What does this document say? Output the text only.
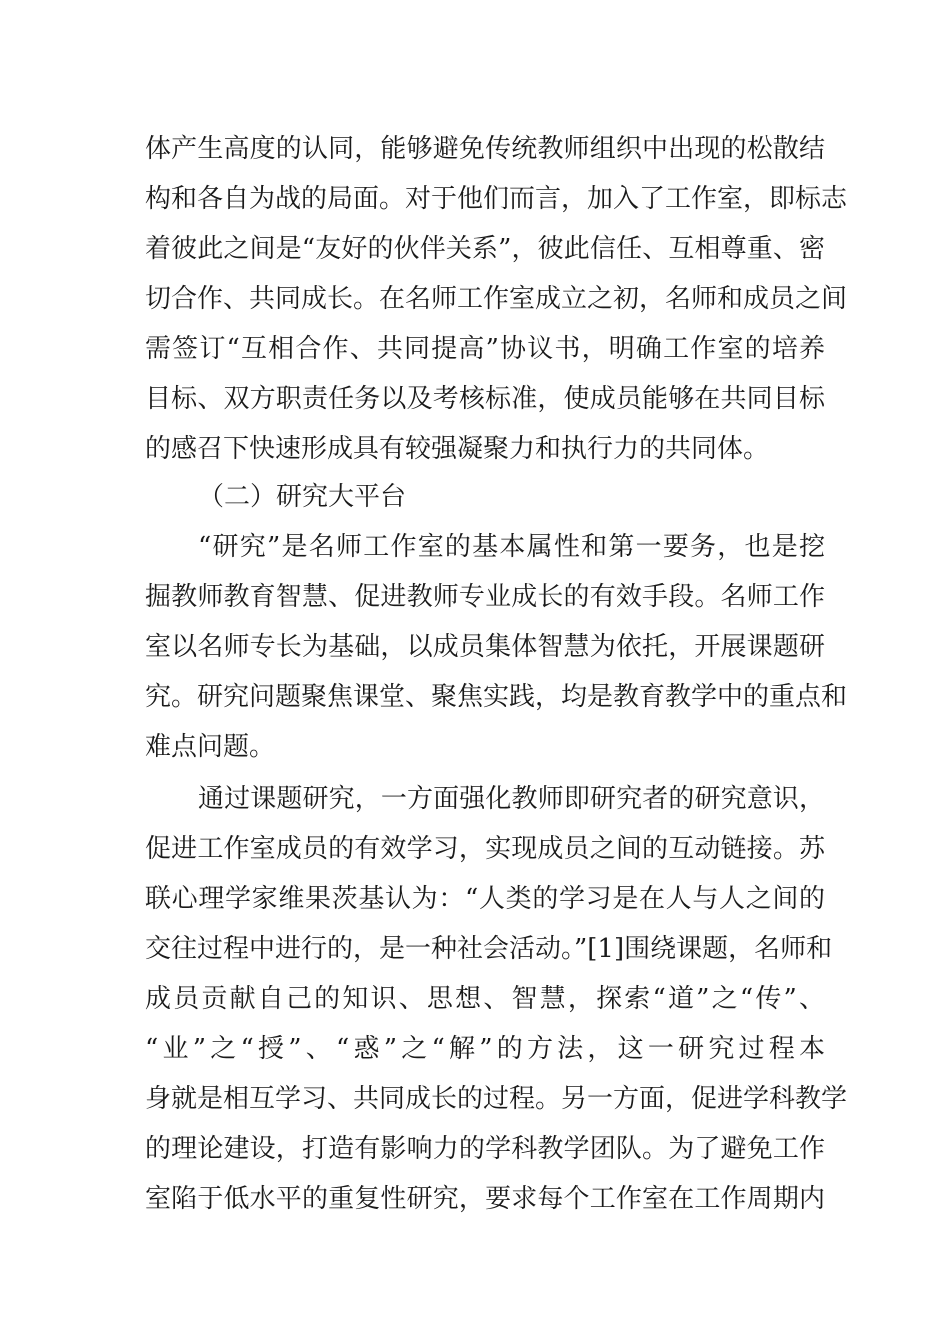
体产生高度的认同，能够避免传统教师组织中出现的松散结
构和各自为战的局面。对于他们而言，加入了工作室，即标志
着彼此之间是“友好的伙伴关系”，彼此信任、互相尊重、密
切合作、共同成长。在名师工作室成立之初，名师和成员之间
需签订“互相合作、共同提高”协议书，明确工作室的培养
目标、双方职责任务以及考核标准，使成员能够在共同目标
的感召下快速形成具有较强凝聚力和执行力的共同体。
（二）研究大平台
“研究”是名师工作室的基本属性和第一要务，也是挖
掘教师教育智慧、促进教师专业成长的有效手段。名师工作
室以名师专长为基础，以成员集体智慧为依托，开展课题研
究。研究问题聚焦课堂、聚焦实践，均是教育教学中的重点和
难点问题。
通过课题研究，一方面强化教师即研究者的研究意识，
促进工作室成员的有效学习，实现成员之间的互动链接。苏
联心理学家维果茨基认为：“人类的学习是在人与人之间的
交往过程中进行的，是一种社会活动。”[1]围绕课题，名师和
成员贡献自己的知识、思想、智慧，探索“道”之“传”、
“业”之“授”、“惑”之“解”的方法，这一研究过程本
身就是相互学习、共同成长的过程。另一方面，促进学科教学
的理论建设，打造有影响力的学科教学团队。为了避免工作
室陷于低水平的重复性研究，要求每个工作室在工作周期内
